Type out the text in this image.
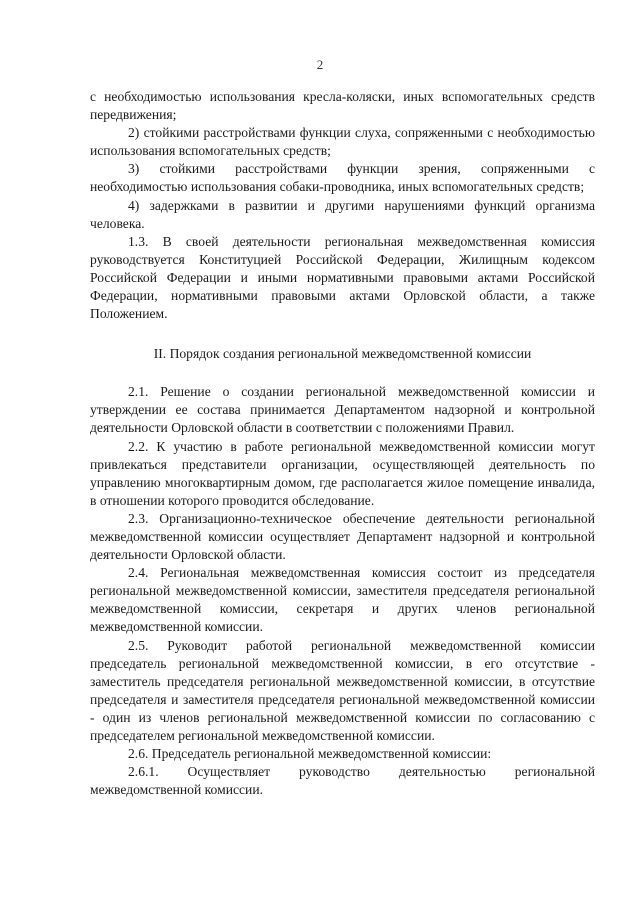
2

с необходимостью использования кресла-коляски, иных вспомогательных средств передвижения;

2) стойкими расстройствами функции слуха, сопряженными с необходимостью использования вспомогательных средств;

3) стойкими расстройствами функции зрения, сопряженными с необходимостью использования собаки-проводника, иных вспомогательных средств;

4) задержками в развитии и другими нарушениями функций организма человека.

1.3. В своей деятельности региональная межведомственная комиссия руководствуется Конституцией Российской Федерации, Жилищным кодексом Российской Федерации и иными нормативными правовыми актами Российской Федерации, нормативными правовыми актами Орловской области, а также Положением.

II. Порядок создания региональной межведомственной комиссии

2.1. Решение о создании региональной межведомственной комиссии и утверждении ее состава принимается Департаментом надзорной и контрольной деятельности Орловской области в соответствии с положениями Правил.

2.2. К участию в работе региональной межведомственной комиссии могут привлекаться представители организации, осуществляющей деятельность по управлению многоквартирным домом, где располагается жилое помещение инвалида, в отношении которого проводится обследование.

2.3. Организационно-техническое обеспечение деятельности региональной межведомственной комиссии осуществляет Департамент надзорной и контрольной деятельности Орловской области.

2.4. Региональная межведомственная комиссия состоит из председателя региональной межведомственной комиссии, заместителя председателя региональной межведомственной комиссии, секретаря и других членов региональной межведомственной комиссии.

2.5. Руководит работой региональной межведомственной комиссии председатель региональной межведомственной комиссии, в его отсутствие - заместитель председателя региональной межведомственной комиссии, в отсутствие председателя и заместителя председателя региональной межведомственной комиссии - один из членов региональной межведомственной комиссии по согласованию с председателем региональной межведомственной комиссии.

2.6. Председатель региональной межведомственной комиссии:

2.6.1. Осуществляет руководство деятельностью региональной межведомственной комиссии.
